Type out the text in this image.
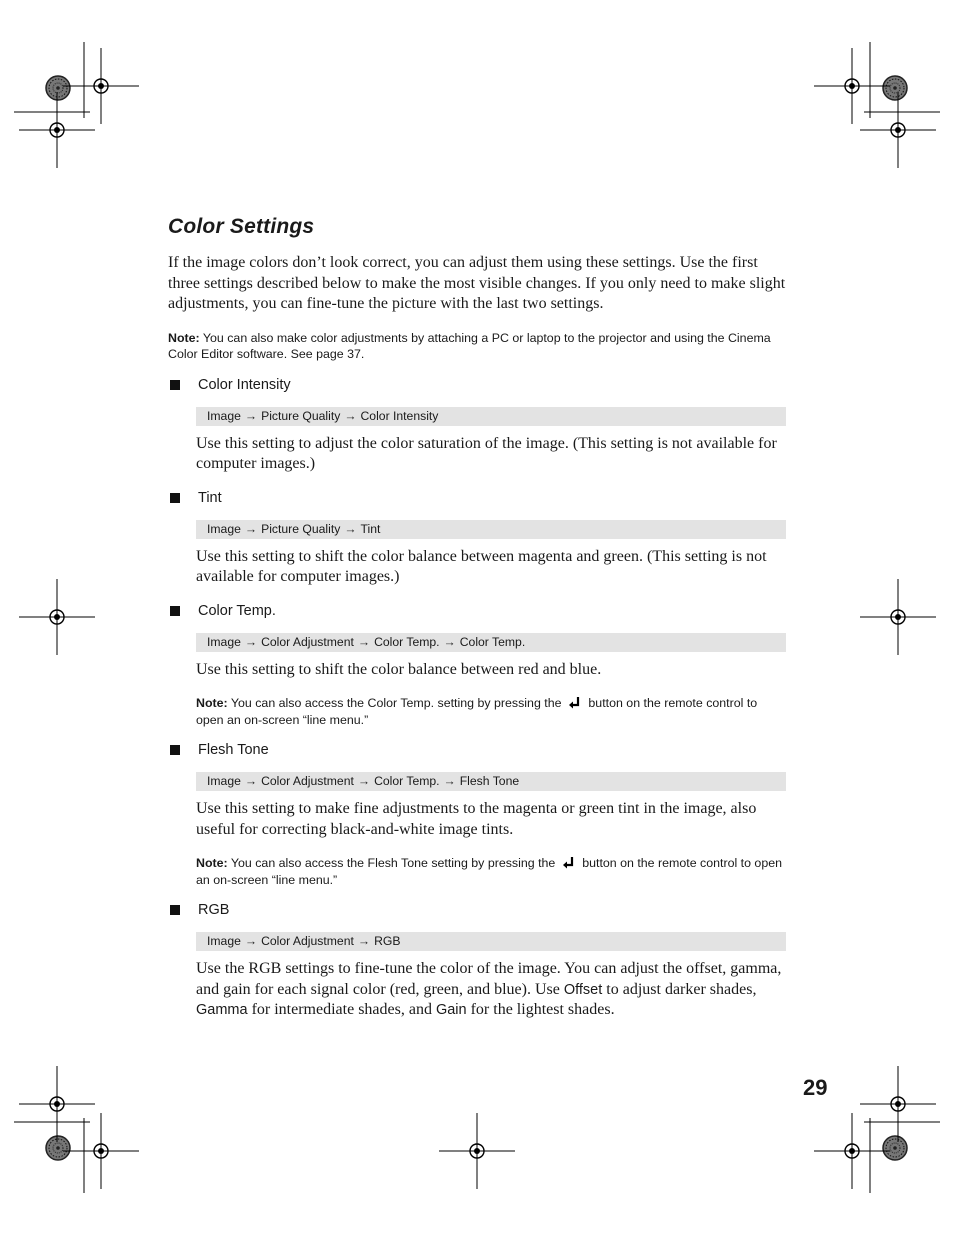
Color Settings

If the image colors don’t look correct, you can adjust them using these settings. Use the first three settings described below to make the most visible changes. If you only need to make slight adjustments, you can fine-tune the picture with the last two settings.

Note: You can also make color adjustments by attaching a PC or laptop to the projector and using the Cinema Color Editor software. See page 37.

Color Intensity
Image → Picture Quality → Color Intensity

Use this setting to adjust the color saturation of the image. (This setting is not available for computer images.)

Tint
Image → Picture Quality → Tint

Use this setting to shift the color balance between magenta and green. (This setting is not available for computer images.)

Color Temp.
Image → Color Adjustment → Color Temp. → Color Temp.

Use this setting to shift the color balance between red and blue.

Note: You can also access the Color Temp. setting by pressing the button on the remote control to open an on-screen “line menu.”

Flesh Tone
Image → Color Adjustment → Color Temp. → Flesh Tone

Use this setting to make fine adjustments to the magenta or green tint in the image, also useful for correcting black-and-white image tints.

Note: You can also access the Flesh Tone setting by pressing the button on the remote control to open an on-screen “line menu.”

RGB
Image → Color Adjustment → RGB

Use the RGB settings to fine-tune the color of the image. You can adjust the offset, gamma, and gain for each signal color (red, green, and blue). Use Offset to adjust darker shades, Gamma for intermediate shades, and Gain for the lightest shades.

29
